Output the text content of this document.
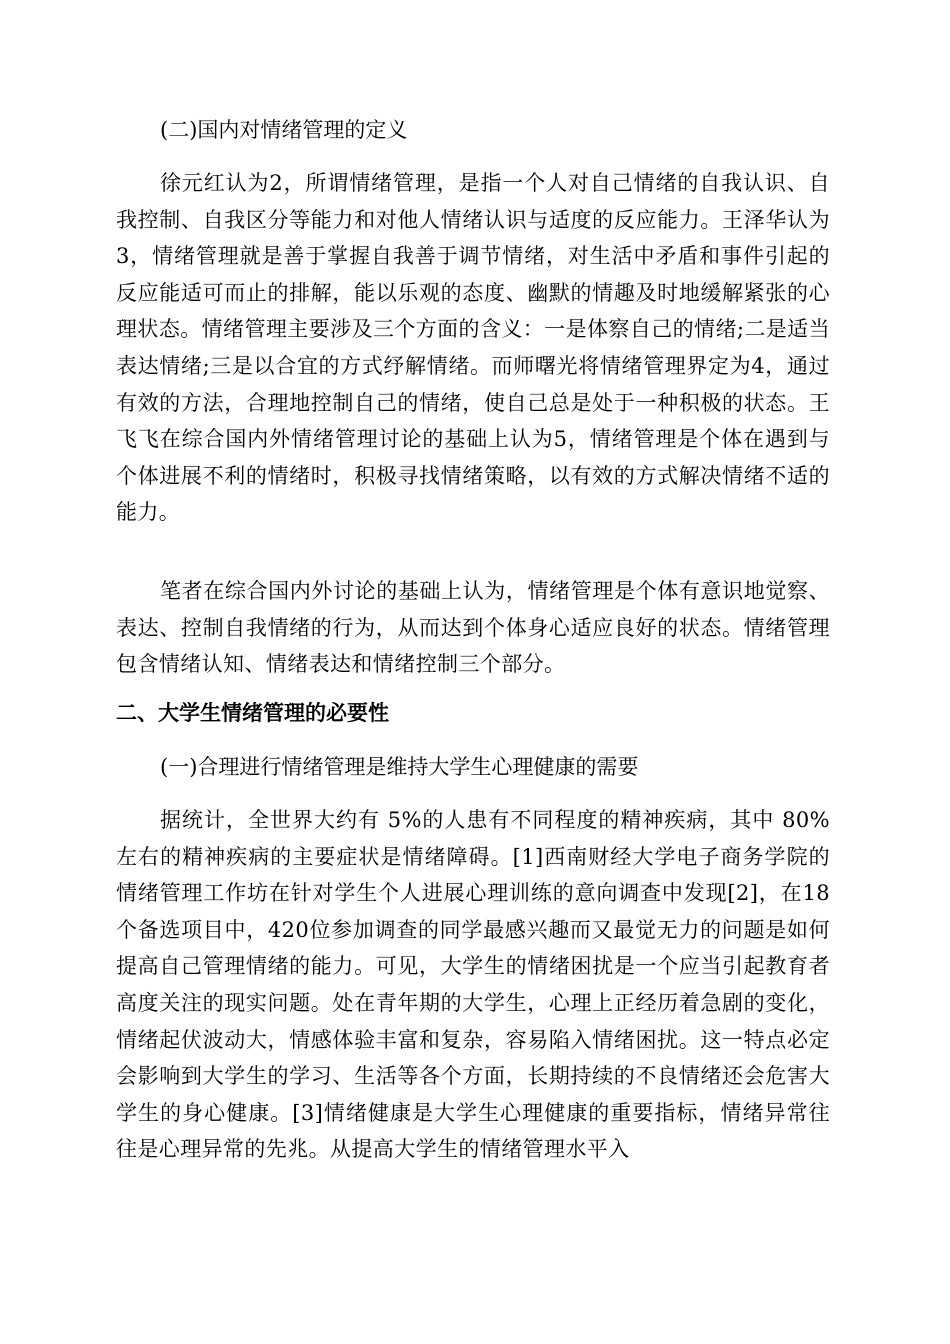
(二)国内对情绪管理的定义
徐元红认为2，所谓情绪管理，是指一个人对自己情绪的自我认识、自我控制、自我区分等能力和对他人情绪认识与适度的反应能力。王泽华认为3，情绪管理就是善于掌握自我善于调节情绪，对生活中矛盾和事件引起的反应能适可而止的排解，能以乐观的态度、幽默的情趣及时地缓解紧张的心理状态。情绪管理主要涉及三个方面的含义：一是体察自己的情绪;二是适当表达情绪;三是以合宜的方式纾解情绪。而师曙光将情绪管理界定为4，通过有效的方法，合理地控制自己的情绪，使自己总是处于一种积极的状态。王飞飞在综合国内外情绪管理讨论的基础上认为5，情绪管理是个体在遇到与个体进展不利的情绪时，积极寻找情绪策略，以有效的方式解决情绪不适的能力。
笔者在综合国内外讨论的基础上认为，情绪管理是个体有意识地觉察、表达、控制自我情绪的行为，从而达到个体身心适应良好的状态。情绪管理包含情绪认知、情绪表达和情绪控制三个部分。
二、大学生情绪管理的必要性
(一)合理进行情绪管理是维持大学生心理健康的需要
据统计，全世界大约有 5%的人患有不同程度的精神疾病，其中 80%左右的精神疾病的主要症状是情绪障碍。[1]西南财经大学电子商务学院的情绪管理工作坊在针对学生个人进展心理训练的意向调查中发现[2]，在18个备选项目中，420位参加调查的同学最感兴趣而又最觉无力的问题是如何提高自己管理情绪的能力。可见，大学生的情绪困扰是一个应当引起教育者高度关注的现实问题。处在青年期的大学生，心理上正经历着急剧的变化，情绪起伏波动大，情感体验丰富和复杂，容易陷入情绪困扰。这一特点必定会影响到大学生的学习、生活等各个方面，长期持续的不良情绪还会危害大学生的身心健康。[3]情绪健康是大学生心理健康的重要指标，情绪异常往往是心理异常的先兆。从提高大学生的情绪管理水平入
